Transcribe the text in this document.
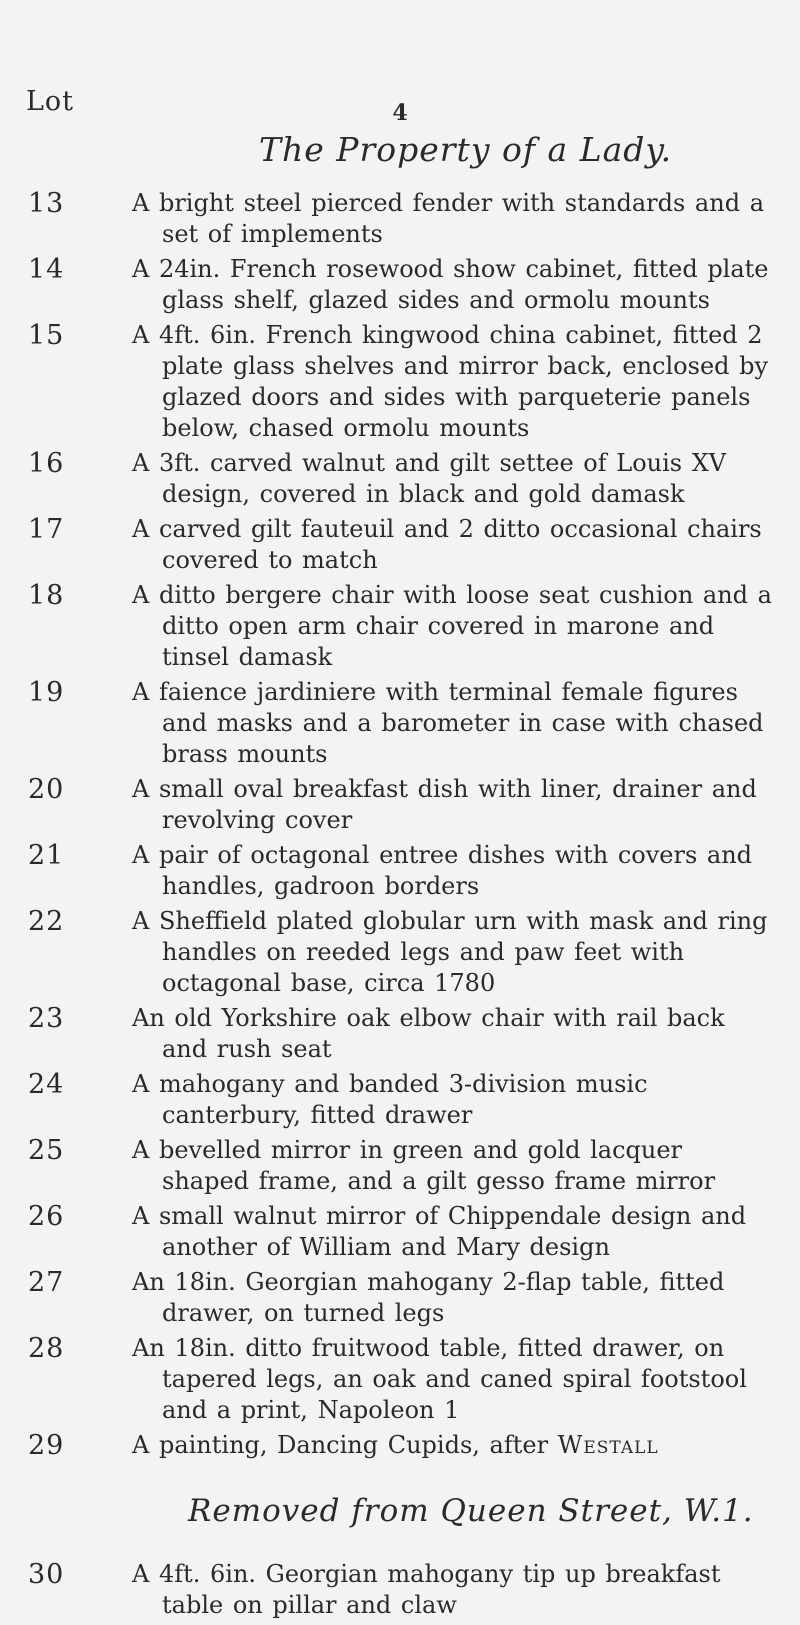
Lot	4
The Property of a Lady.
13	A bright steel pierced fender with standards and a set of implements
14	A 24in. French rosewood show cabinet, fitted plate glass shelf, glazed sides and ormolu mounts
15	A 4ft. 6in. French kingwood china cabinet, fitted 2 plate glass shelves and mirror back, enclosed by glazed doors and sides with parqueterie panels below, chased ormolu mounts
16	A 3ft. carved walnut and gilt settee of Louis XV design, covered in black and gold damask
17	A carved gilt fauteuil and 2 ditto occasional chairs covered to match
18	A ditto bergere chair with loose seat cushion and a ditto open arm chair covered in marone and tinsel damask
19	A faience jardiniere with terminal female figures and masks and a barometer in case with chased brass mounts
20	A small oval breakfast dish with liner, drainer and revolving cover
21	A pair of octagonal entree dishes with covers and handles, gadroon borders
22	A Sheffield plated globular urn with mask and ring handles on reeded legs and paw feet with octagonal base, circa 1780
23	An old Yorkshire oak elbow chair with rail back and rush seat
24	A mahogany and banded 3-division music canterbury, fitted drawer
25	A bevelled mirror in green and gold lacquer shaped frame, and a gilt gesso frame mirror
26	A small walnut mirror of Chippendale design and another of William and Mary design
27	An 18in. Georgian mahogany 2-flap table, fitted drawer, on turned legs
28	An 18in. ditto fruitwood table, fitted drawer, on tapered legs, an oak and caned spiral footstool and a print, Napoleon 1
29	A painting, Dancing Cupids, after Westall
Removed from Queen Street, W.1.
30	A 4ft. 6in. Georgian mahogany tip up breakfast table on pillar and claw
